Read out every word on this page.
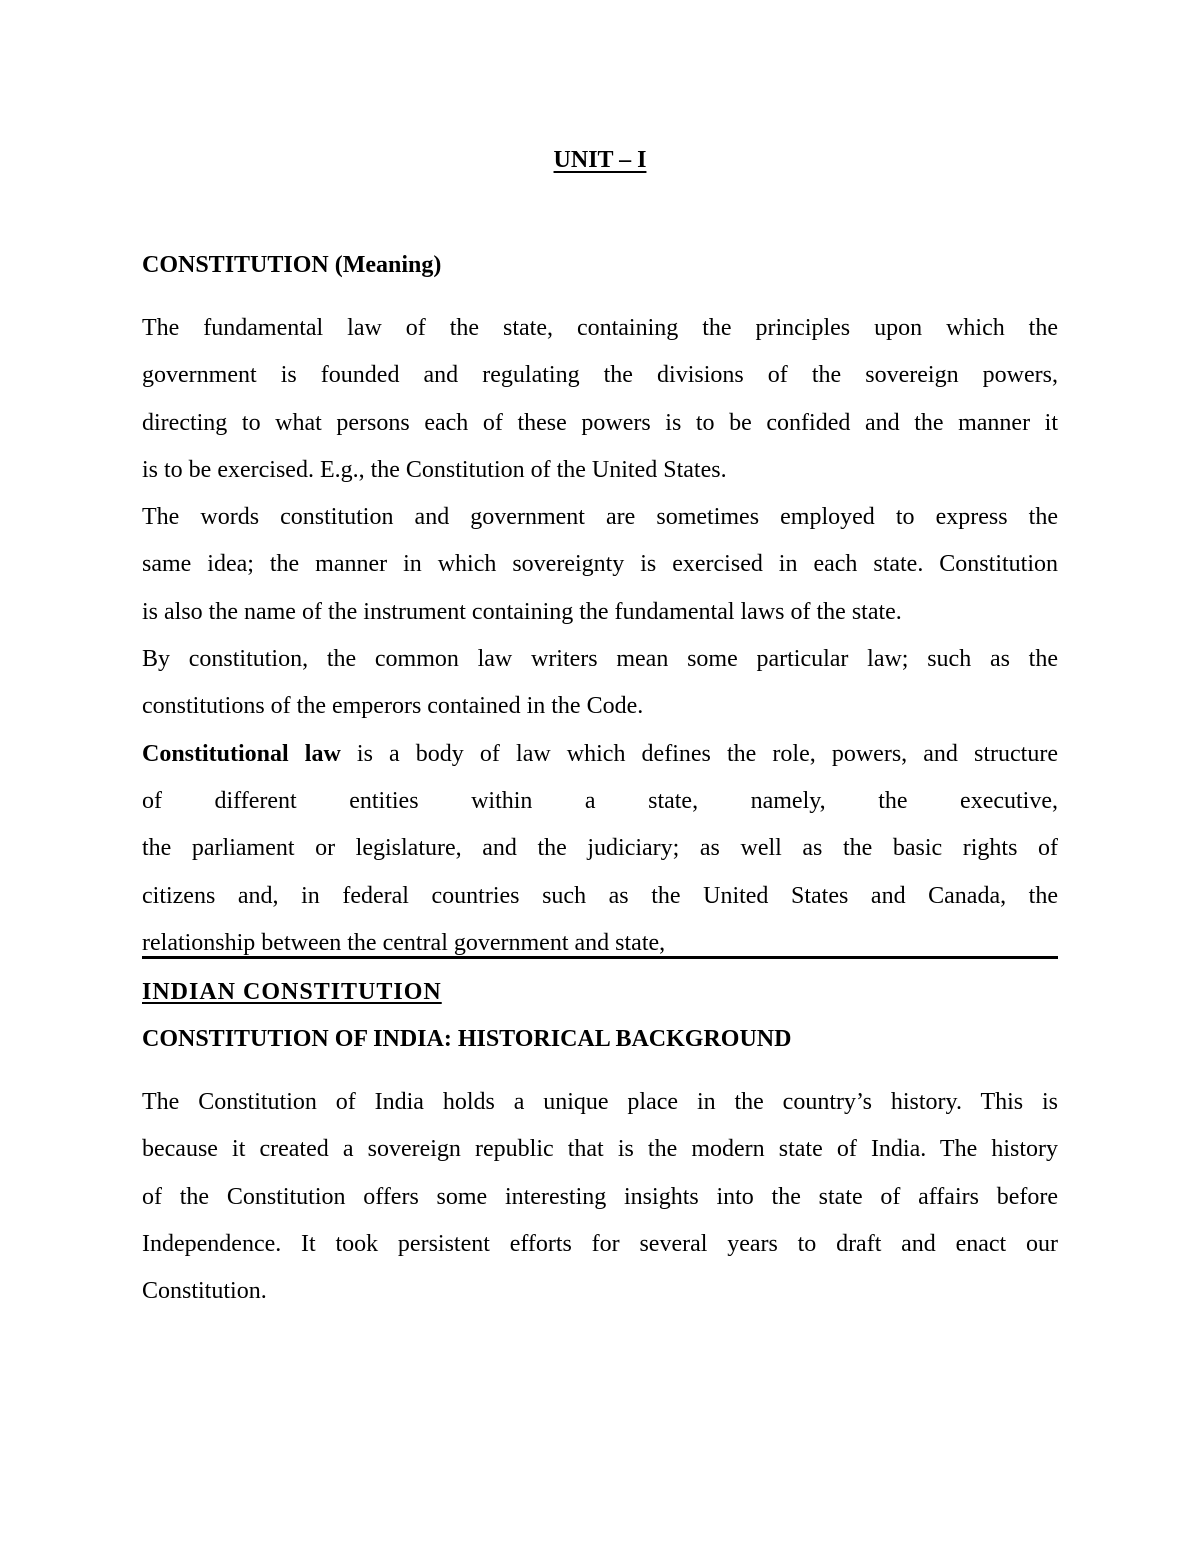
UNIT – I
CONSTITUTION (Meaning)

The fundamental law of the state, containing the principles upon which the
government is founded and regulating the divisions of the sovereign powers,
directing to what persons each of these powers is to be confided and the manner it
is to be exercised. E.g., the Constitution of the United States.

The words constitution and government are sometimes employed to express the
same idea; the manner in which sovereignty is exercised in each state. Constitution
is also the name of the instrument containing the fundamental laws of the state.

By constitution, the common law writers mean some particular law; such as the
constitutions of the emperors contained in the Code.

Constitutional law is a body of law which defines the role, powers, and structure
of different entities within a state, namely, the executive,
the parliament or legislature, and the judiciary; as well as the basic rights of
citizens and, in federal countries such as the United States and Canada, the
relationship between the central government and state,

INDIAN CONSTITUTION
CONSTITUTION OF INDIA: HISTORICAL BACKGROUND

The Constitution of India holds a unique place in the country’s history. This is
because it created a sovereign republic that is the modern state of India. The history
of the Constitution offers some interesting insights into the state of affairs before
Independence. It took persistent efforts for several years to draft and enact our
Constitution.
